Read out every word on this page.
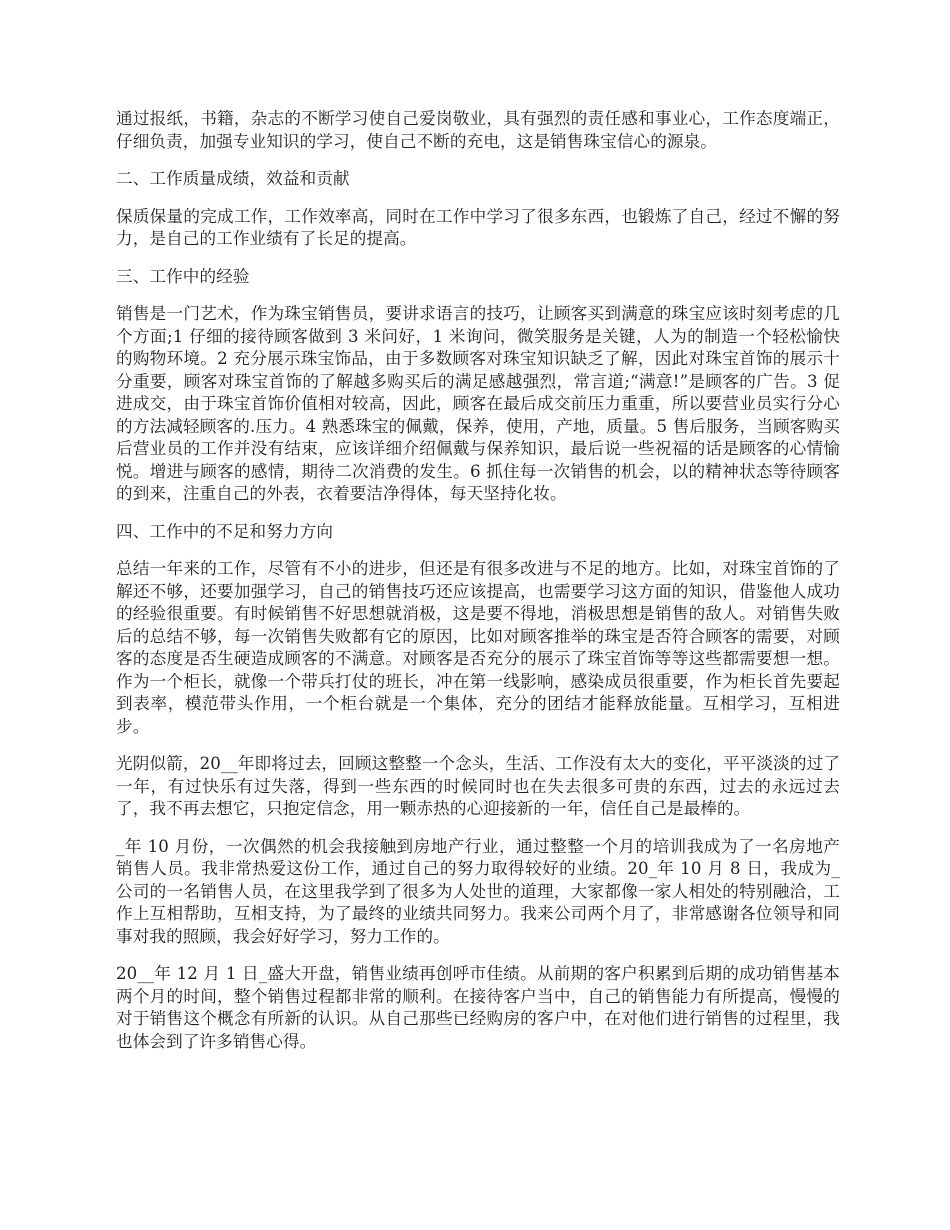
通过报纸，书籍，杂志的不断学习使自己爱岗敬业，具有强烈的责任感和事业心，工作态度端正，仔细负责，加强专业知识的学习，使自己不断的充电，这是销售珠宝信心的源泉。

二、工作质量成绩，效益和贡献

保质保量的完成工作，工作效率高，同时在工作中学习了很多东西，也锻炼了自己，经过不懈的努力，是自己的工作业绩有了长足的提高。

三、工作中的经验

销售是一门艺术，作为珠宝销售员，要讲求语言的技巧，让顾客买到满意的珠宝应该时刻考虑的几个方面;1 仔细的接待顾客做到 3 米问好，1 米询问，微笑服务是关键，人为的制造一个轻松愉快的购物环境。2 充分展示珠宝饰品，由于多数顾客对珠宝知识缺乏了解，因此对珠宝首饰的展示十分重要，顾客对珠宝首饰的了解越多购买后的满足感越强烈，常言道;“满意!”是顾客的广告。3 促进成交，由于珠宝首饰价值相对较高，因此，顾客在最后成交前压力重重，所以要营业员实行分心的方法减轻顾客的.压力。4 熟悉珠宝的佩戴，保养，使用，产地，质量。5 售后服务，当顾客购买后营业员的工作并没有结束，应该详细介绍佩戴与保养知识，最后说一些祝福的话是顾客的心情愉悦。增进与顾客的感情，期待二次消费的发生。6 抓住每一次销售的机会，以的精神状态等待顾客的到来，注重自己的外表，衣着要洁净得体，每天坚持化妆。

四、工作中的不足和努力方向

总结一年来的工作，尽管有不小的进步，但还是有很多改进与不足的地方。比如，对珠宝首饰的了解还不够，还要加强学习，自己的销售技巧还应该提高，也需要学习这方面的知识，借鉴他人成功的经验很重要。有时候销售不好思想就消极，这是要不得地，消极思想是销售的敌人。对销售失败后的总结不够，每一次销售失败都有它的原因，比如对顾客推举的珠宝是否符合顾客的需要，对顾客的态度是否生硬造成顾客的不满意。对顾客是否充分的展示了珠宝首饰等等这些都需要想一想。作为一个柜长，就像一个带兵打仗的班长，冲在第一线影响，感染成员很重要，作为柜长首先要起到表率，模范带头作用，一个柜台就是一个集体，充分的团结才能释放能量。互相学习，互相进步。

光阴似箭，20__年即将过去，回顾这整整一个念头，生活、工作没有太大的变化，平平淡淡的过了一年，有过快乐有过失落，得到一些东西的时候同时也在失去很多可贵的东西，过去的永远过去了，我不再去想它，只抱定信念，用一颗赤热的心迎接新的一年，信任自己是最棒的。

_年 10 月份，一次偶然的机会我接触到房地产行业，通过整整一个月的培训我成为了一名房地产销售人员。我非常热爱这份工作，通过自己的努力取得较好的业绩。20_年 10 月 8 日，我成为_公司的一名销售人员，在这里我学到了很多为人处世的道理，大家都像一家人相处的特别融洽，工作上互相帮助，互相支持，为了最终的业绩共同努力。我来公司两个月了，非常感谢各位领导和同事对我的照顾，我会好好学习，努力工作的。

20__年 12 月 1 日_盛大开盘，销售业绩再创呼市佳绩。从前期的客户积累到后期的成功销售基本两个月的时间，整个销售过程都非常的顺利。在接待客户当中，自己的销售能力有所提高，慢慢的对于销售这个概念有所新的认识。从自己那些已经购房的客户中，在对他们进行销售的过程里，我也体会到了许多销售心得。
